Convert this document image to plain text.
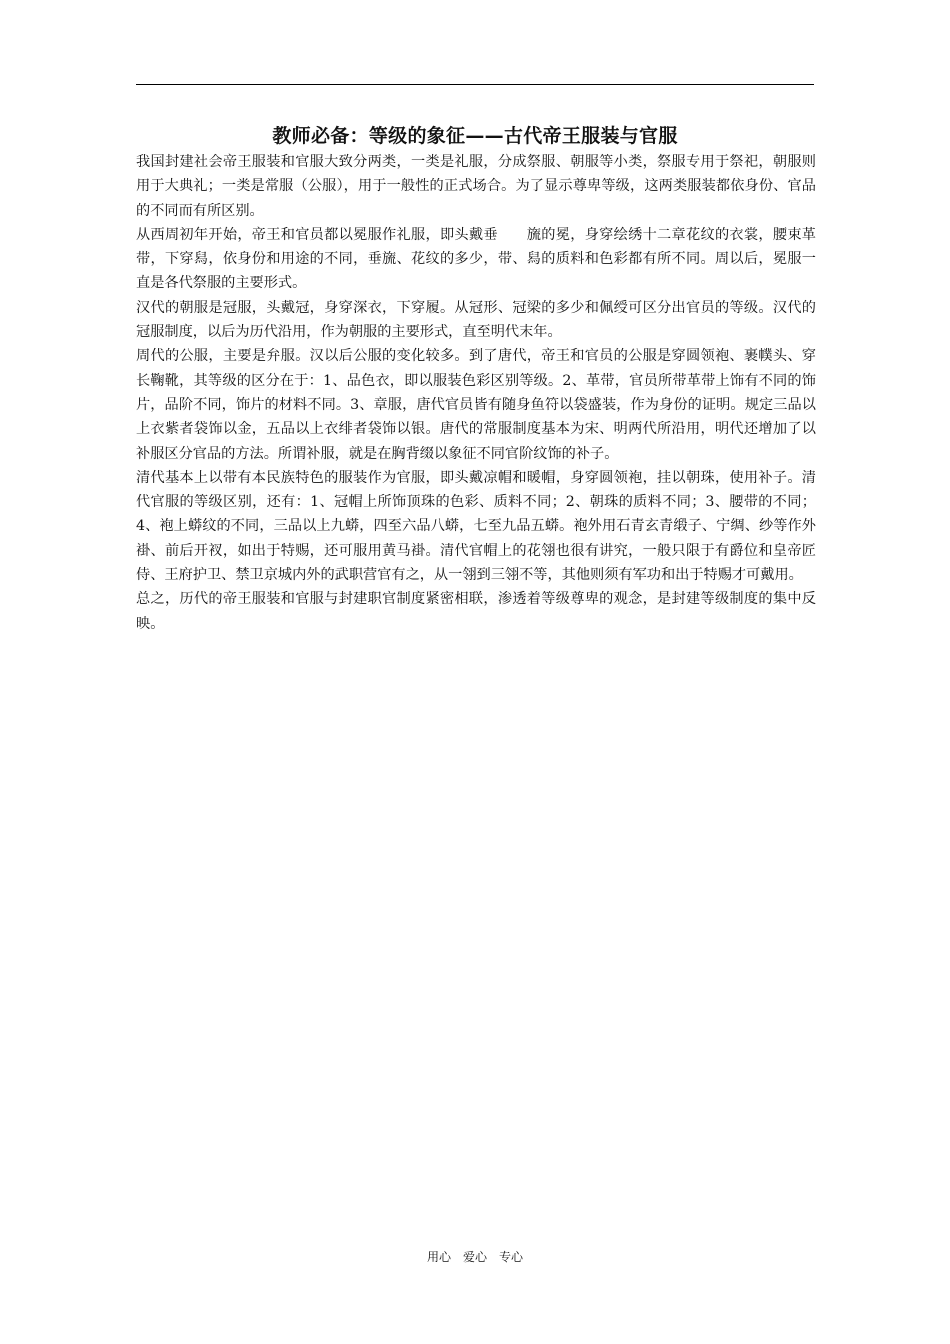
教师必备：等级的象征——古代帝王服装与官服

我国封建社会帝王服装和官服大致分两类，一类是礼服，分成祭服、朝服等小类，祭服专用于祭祀，朝服则用于大典礼；一类是常服（公服），用于一般性的正式场合。为了显示尊卑等级，这两类服装都依身份、官品的不同而有所区别。

从西周初年开始，帝王和官员都以冕服作礼服，即头戴垂　　旒的冕，身穿绘绣十二章花纹的衣裳，腰束革带，下穿舄，依身份和用途的不同，垂旒、花纹的多少，带、舄的质料和色彩都有所不同。周以后，冕服一直是各代祭服的主要形式。

汉代的朝服是冠服，头戴冠，身穿深衣，下穿履。从冠形、冠梁的多少和佩绶可区分出官员的等级。汉代的冠服制度，以后为历代沿用，作为朝服的主要形式，直至明代末年。

周代的公服，主要是弁服。汉以后公服的变化较多。到了唐代，帝王和官员的公服是穿圆领袍、裹幞头、穿长鞠靴，其等级的区分在于：1、品色衣，即以服装色彩区别等级。2、革带，官员所带革带上饰有不同的饰片，品阶不同，饰片的材料不同。3、章服，唐代官员皆有随身鱼符以袋盛装，作为身份的证明。规定三品以上衣紫者袋饰以金，五品以上衣绯者袋饰以银。唐代的常服制度基本为宋、明两代所沿用，明代还增加了以补服区分官品的方法。所谓补服，就是在胸背缀以象征不同官阶纹饰的补子。

清代基本上以带有本民族特色的服装作为官服，即头戴凉帽和暖帽，身穿圆领袍，挂以朝珠，使用补子。清代官服的等级区别，还有：1、冠帽上所饰顶珠的色彩、质料不同；2、朝珠的质料不同；3、腰带的不同；4、袍上蟒纹的不同，三品以上九蟒，四至六品八蟒，七至九品五蟒。袍外用石青玄青缎子、宁绸、纱等作外褂、前后开衩，如出于特赐，还可服用黄马褂。清代官帽上的花翎也很有讲究，一般只限于有爵位和皇帝匠侍、王府护卫、禁卫京城内外的武职营官有之，从一翎到三翎不等，其他则须有军功和出于特赐才可戴用。

总之，历代的帝王服装和官服与封建职官制度紧密相联，渗透着等级尊卑的观念，是封建等级制度的集中反映。

用心　爱心　专心
